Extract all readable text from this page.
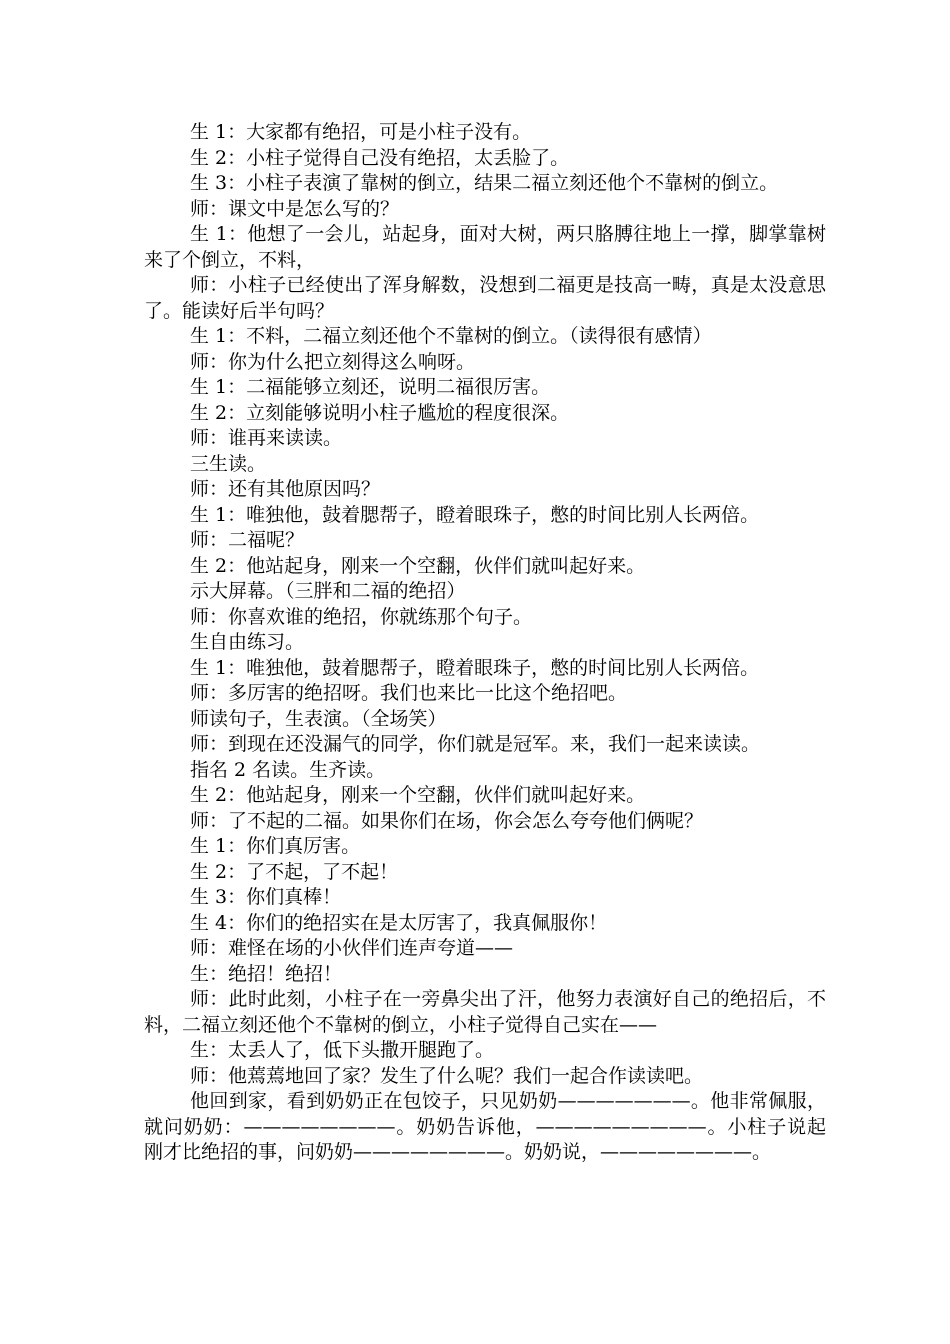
生 1：大家都有绝招，可是小柱子没有。

生 2：小柱子觉得自己没有绝招，太丢脸了。

生 3：小柱子表演了靠树的倒立，结果二福立刻还他个不靠树的倒立。

师：课文中是怎么写的？

生 1：他想了一会儿，站起身，面对大树，两只胳膊往地上一撑，脚掌靠树来了个倒立，不料，

师：小柱子已经使出了浑身解数，没想到二福更是技高一畴，真是太没意思了。能读好后半句吗？

生 1：不料，二福立刻还他个不靠树的倒立。（读得很有感情）

师：你为什么把立刻得这么响呀。

生 1：二福能够立刻还，说明二福很厉害。

生 2：立刻能够说明小柱子尴尬的程度很深。

师：谁再来读读。

三生读。

师：还有其他原因吗？

生 1：唯独他，鼓着腮帮子，瞪着眼珠子，憋的时间比别人长两倍。

师：二福呢？

生 2：他站起身，刚来一个空翻，伙伴们就叫起好来。

示大屏幕。（三胖和二福的绝招）

师：你喜欢谁的绝招，你就练那个句子。

生自由练习。

生 1：唯独他，鼓着腮帮子，瞪着眼珠子，憋的时间比别人长两倍。

师：多厉害的绝招呀。我们也来比一比这个绝招吧。

师读句子，生表演。（全场笑）

师：到现在还没漏气的同学，你们就是冠军。来，我们一起来读读。

指名 2 名读。生齐读。

生 2：他站起身，刚来一个空翻，伙伴们就叫起好来。

师：了不起的二福。如果你们在场，你会怎么夸夸他们俩呢？

生 1：你们真厉害。

生 2：了不起，了不起！

生 3：你们真棒！

生 4：你们的绝招实在是太厉害了，我真佩服你！

师：难怪在场的小伙伴们连声夸道——

生：绝招！绝招！

师：此时此刻，小柱子在一旁鼻尖出了汗，他努力表演好自己的绝招后，不料，二福立刻还他个不靠树的倒立，小柱子觉得自己实在——

生：太丢人了，低下头撒开腿跑了。

师：他蔫蔫地回了家？发生了什么呢？我们一起合作读读吧。

他回到家，看到奶奶正在包饺子，只见奶奶———————。他非常佩服，就问奶奶：————————。奶奶告诉他，—————————。小柱子说起刚才比绝招的事，问奶奶————————。奶奶说，————————。
